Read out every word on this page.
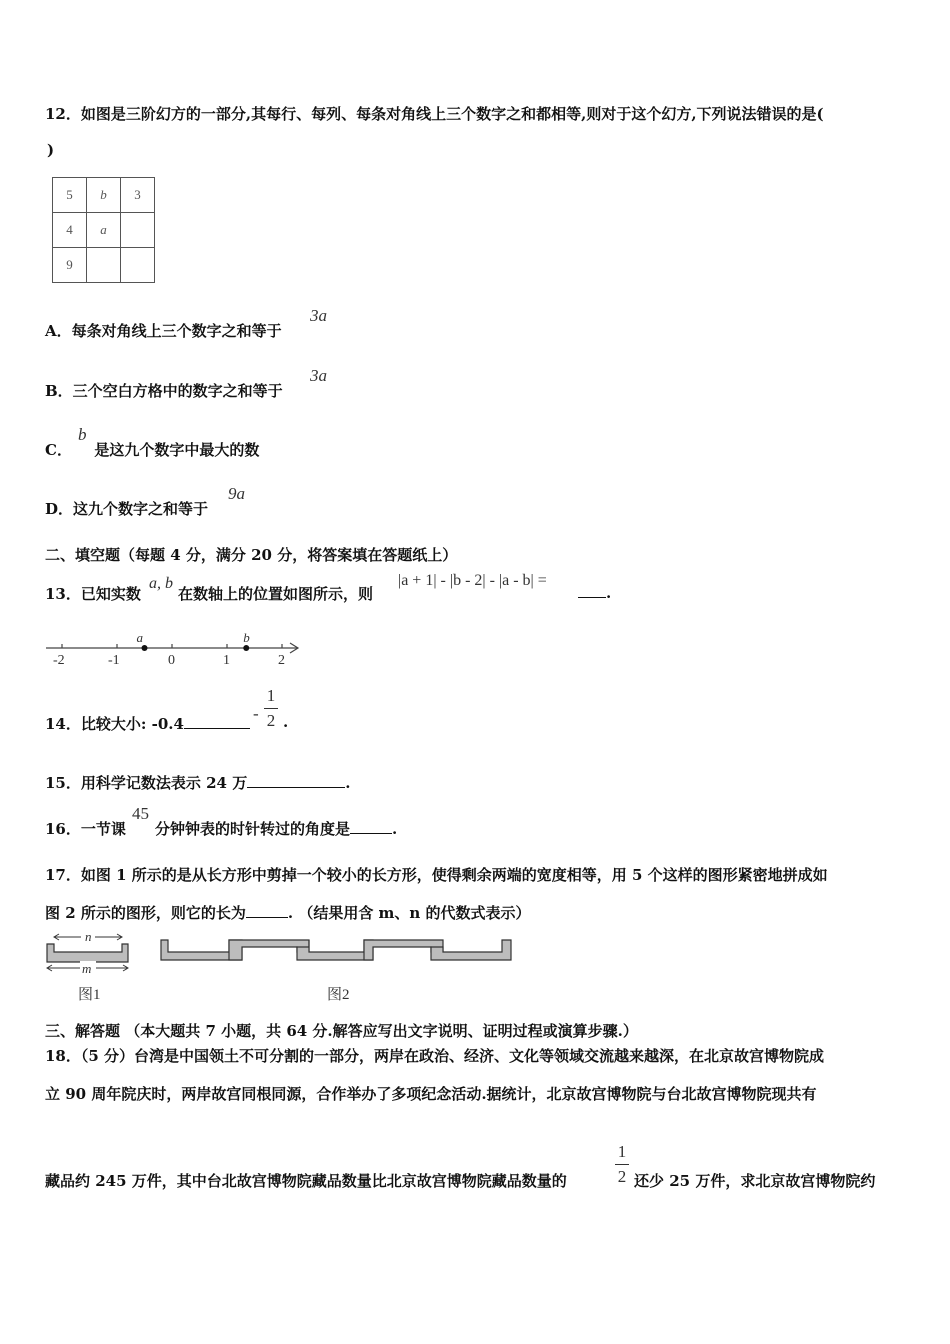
12．如图是三阶幻方的一部分,其每行、每列、每条对角线上三个数字之和都相等,则对于这个幻方,下列说法错误的是(
)
5	b	3
4	a	
9		
A．每条对角线上三个数字之和等于
3a
B．三个空白方格中的数字之和等于
3a
C． 是这九个数字中最大的数
b
D．这九个数字之和等于
9a
二、填空题（每题 4 分，满分 20 分，将答案填在答题纸上）
13．已知实数
a, b
在数轴上的位置如图所示，则
|a + 1| - |b - 2| - |a - b| =
.
-2	-1	0	1	2
a	b
14．比较大小: -0.4
-
1
2 .
15．用科学记数法表示 24 万	.
16．一节课
45
分钟钟表的时针转过的角度是	.
17．如图 1 所示的是从长方形中剪掉一个较小的长方形，使得剩余两端的宽度相等，用 5 个这样的图形紧密地拼成如
图 2 所示的图形，则它的长为	. （结果用含 m、n 的代数式表示）
n
m
图1	图2
三、解答题 （本大题共 7 小题，共 64 分.解答应写出文字说明、证明过程或演算步骤.）
18．（5 分）台湾是中国领土不可分割的一部分，两岸在政治、经济、文化等领域交流越来越深，在北京故宫博物院成
立 90 周年院庆时，两岸故宫同根同源，合作举办了多项纪念活动.据统计，北京故宫博物院与台北故宫博物院现共有
藏品约 245 万件，其中台北故宫博物院藏品数量比北京故宫博物院藏品数量的
1
2 还少 25 万件，求北京故宫博物院约
